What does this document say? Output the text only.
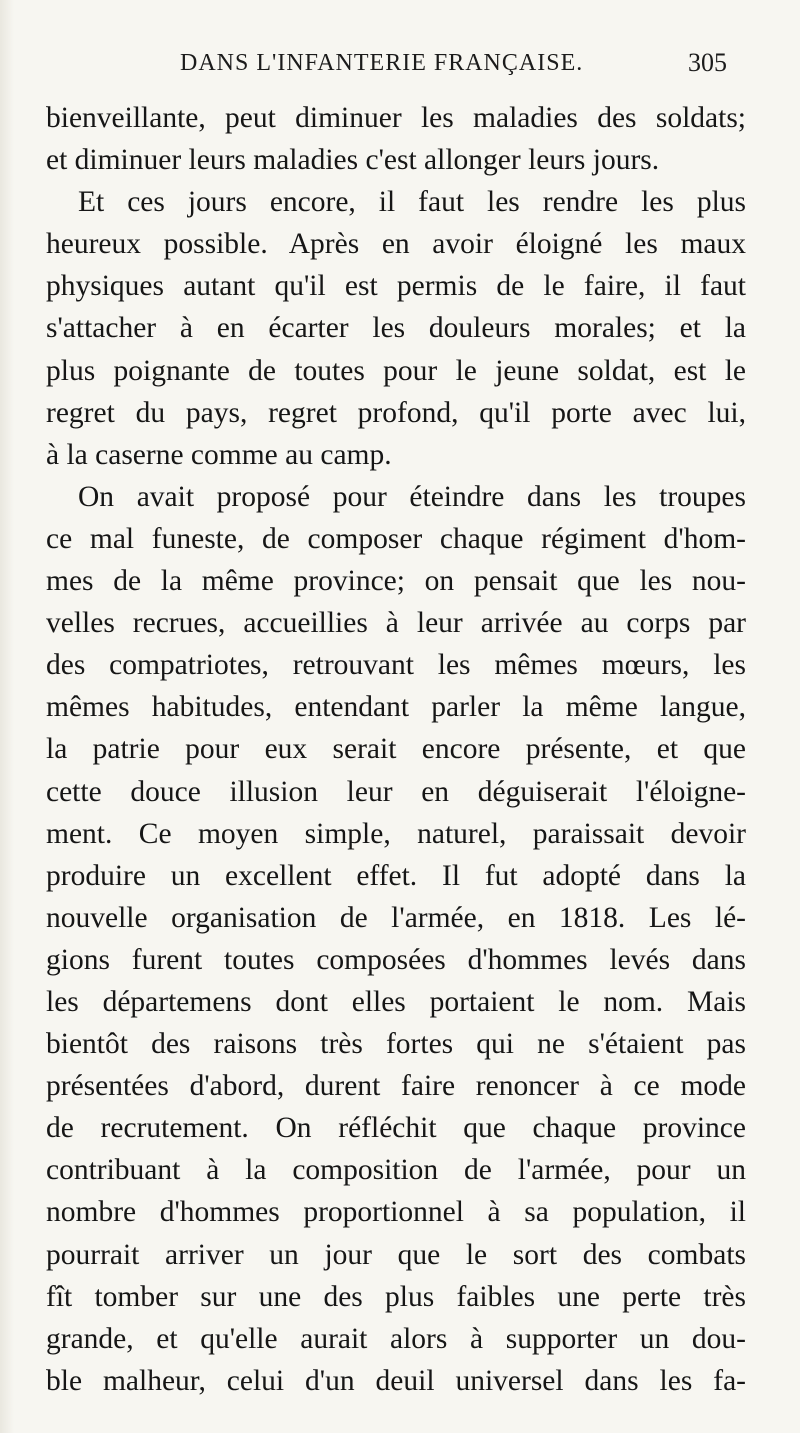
DANS L'INFANTERIE FRANÇAISE.	305
bienveillante, peut diminuer les maladies des soldats;
et diminuer leurs maladies c'est allonger leurs jours.
Et ces jours encore, il faut les rendre les plus
heureux possible. Après en avoir éloigné les maux
physiques autant qu'il est permis de le faire, il faut
s'attacher à en écarter les douleurs morales; et la
plus poignante de toutes pour le jeune soldat, est le
regret du pays, regret profond, qu'il porte avec lui,
à la caserne comme au camp.
On avait proposé pour éteindre dans les troupes
ce mal funeste, de composer chaque régiment d'hom-
mes de la même province; on pensait que les nou-
velles recrues, accueillies à leur arrivée au corps par
des compatriotes, retrouvant les mêmes mœurs, les
mêmes habitudes, entendant parler la même langue,
la patrie pour eux serait encore présente, et que
cette douce illusion leur en déguiserait l'éloigne-
ment. Ce moyen simple, naturel, paraissait devoir
produire un excellent effet. Il fut adopté dans la
nouvelle organisation de l'armée, en 1818. Les lé-
gions furent toutes composées d'hommes levés dans
les départemens dont elles portaient le nom. Mais
bientôt des raisons très fortes qui ne s'étaient pas
présentées d'abord, durent faire renoncer à ce mode
de recrutement. On réfléchit que chaque province
contribuant à la composition de l'armée, pour un
nombre d'hommes proportionnel à sa population, il
pourrait arriver un jour que le sort des combats
fît tomber sur une des plus faibles une perte très
grande, et qu'elle aurait alors à supporter un dou-
ble malheur, celui d'un deuil universel dans les fa-
